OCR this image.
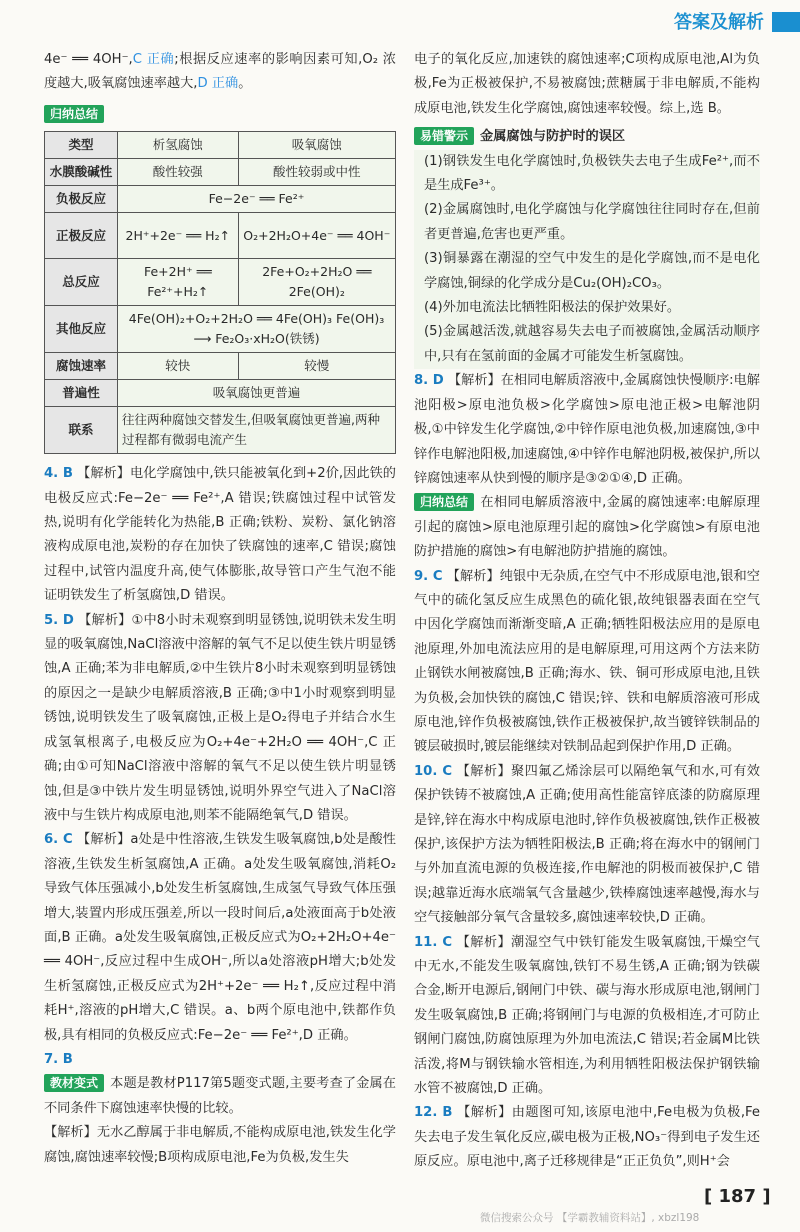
答案及解析

4e⁻ ══ 4OH⁻,C 正确;根据反应速率的影响因素可知,O₂ 浓度越大,吸氧腐蚀速率越大,D 正确。

归纳总结
类型	析氢腐蚀	吸氧腐蚀
水膜酸碱性	酸性较强	酸性较弱或中性
负极反应	Fe−2e⁻ ══ Fe²⁺	
正极反应	2H⁺+2e⁻ ══ H₂↑	O₂+2H₂O+4e⁻ ══ 4OH⁻
总反应	Fe+2H⁺ ══ Fe²⁺+H₂↑	2Fe+O₂+2H₂O ══ 2Fe(OH)₂
其他反应	4Fe(OH)₂+O₂+2H₂O ══ 4Fe(OH)₃ Fe(OH)₃ ⟶ Fe₂O₃·xH₂O(铁锈)	
腐蚀速率	较快	较慢
普遍性	吸氧腐蚀更普遍	
联系	往往两种腐蚀交替发生,但吸氧腐蚀更普遍,两种过程都有微弱电流产生	

4. B 【解析】电化学腐蚀中,铁只能被氧化到+2价,因此铁的电极反应式:Fe−2e⁻ ══ Fe²⁺,A 错误;铁腐蚀过程中试管发热,说明有化学能转化为热能,B 正确;铁粉、炭粉、氯化钠溶液构成原电池,炭粉的存在加快了铁腐蚀的速率,C 错误;腐蚀过程中,试管内温度升高,使气体膨胀,故导管口产生气泡不能证明铁发生了析氢腐蚀,D 错误。

5. D 【解析】①中8小时未观察到明显锈蚀,说明铁未发生明显的吸氧腐蚀,NaCl溶液中溶解的氧气不足以使生铁片明显锈蚀,A 正确;苯为非电解质,②中生铁片8小时未观察到明显锈蚀的原因之一是缺少电解质溶液,B 正确;③中1小时观察到明显锈蚀,说明铁发生了吸氧腐蚀,正极上是O₂得电子并结合水生成氢氧根离子,电极反应为O₂+4e⁻+2H₂O ══ 4OH⁻,C 正确;由①可知NaCl溶液中溶解的氧气不足以使生铁片明显锈蚀,但是③中铁片发生明显锈蚀,说明外界空气进入了NaCl溶液中与生铁片构成原电池,则苯不能隔绝氧气,D 错误。

6. C 【解析】a处是中性溶液,生铁发生吸氧腐蚀,b处是酸性溶液,生铁发生析氢腐蚀,A 正确。a处发生吸氧腐蚀,消耗O₂导致气体压强减小,b处发生析氢腐蚀,生成氢气导致气体压强增大,装置内形成压强差,所以一段时间后,a处液面高于b处液面,B 正确。a处发生吸氧腐蚀,正极反应式为O₂+2H₂O+4e⁻ ══ 4OH⁻,反应过程中生成OH⁻,所以a处溶液pH增大;b处发生析氢腐蚀,正极反应式为2H⁺+2e⁻ ══ H₂↑,反应过程中消耗H⁺,溶液的pH增大,C 错误。a、b两个原电池中,铁都作负极,具有相同的负极反应式:Fe−2e⁻ ══ Fe²⁺,D 正确。

7. B

教材变式 本题是教材P117第5题变式题,主要考查了金属在不同条件下腐蚀速率快慢的比较。

【解析】无水乙醇属于非电解质,不能构成原电池,铁发生化学腐蚀,腐蚀速率较慢;B项构成原电池,Fe为负极,发生失

电子的氧化反应,加速铁的腐蚀速率;C项构成原电池,Al为负极,Fe为正极被保护,不易被腐蚀;蔗糖属于非电解质,不能构成原电池,铁发生化学腐蚀,腐蚀速率较慢。综上,选 B。

易错警示 金属腐蚀与防护时的误区

(1)钢铁发生电化学腐蚀时,负极铁失去电子生成Fe²⁺,而不是生成Fe³⁺。

(2)金属腐蚀时,电化学腐蚀与化学腐蚀往往同时存在,但前者更普遍,危害也更严重。

(3)铜暴露在潮湿的空气中发生的是化学腐蚀,而不是电化学腐蚀,铜绿的化学成分是Cu₂(OH)₂CO₃。

(4)外加电流法比牺牲阳极法的保护效果好。

(5)金属越活泼,就越容易失去电子而被腐蚀,金属活动顺序中,只有在氢前面的金属才可能发生析氢腐蚀。

8. D 【解析】在相同电解质溶液中,金属腐蚀快慢顺序:电解池阳极>原电池负极>化学腐蚀>原电池正极>电解池阴极,①中锌发生化学腐蚀,②中锌作原电池负极,加速腐蚀,③中锌作电解池阳极,加速腐蚀,④中锌作电解池阴极,被保护,所以锌腐蚀速率从快到慢的顺序是③②①④,D 正确。

归纳总结 在相同电解质溶液中,金属的腐蚀速率:电解原理引起的腐蚀>原电池原理引起的腐蚀>化学腐蚀>有原电池防护措施的腐蚀>有电解池防护措施的腐蚀。

9. C 【解析】纯银中无杂质,在空气中不形成原电池,银和空气中的硫化氢反应生成黑色的硫化银,故纯银器表面在空气中因化学腐蚀而渐渐变暗,A 正确;牺牲阳极法应用的是原电池原理,外加电流法应用的是电解原理,可用这两个方法来防止钢铁水闸被腐蚀,B 正确;海水、铁、铜可形成原电池,且铁为负极,会加快铁的腐蚀,C 错误;锌、铁和电解质溶液可形成原电池,锌作负极被腐蚀,铁作正极被保护,故当镀锌铁制品的镀层破损时,镀层能继续对铁制品起到保护作用,D 正确。

10. C 【解析】聚四氟乙烯涂层可以隔绝氧气和水,可有效保护铁铸不被腐蚀,A 正确;使用高性能富锌底漆的防腐原理是锌,锌在海水中构成原电池时,锌作负极被腐蚀,铁作正极被保护,该保护方法为牺牲阳极法,B 正确;将在海水中的钢闸门与外加直流电源的负极连接,作电解池的阴极而被保护,C 错误;越靠近海水底端氧气含量越少,铁棒腐蚀速率越慢,海水与空气接触部分氧气含量较多,腐蚀速率较快,D 正确。

11. C 【解析】潮湿空气中铁钉能发生吸氧腐蚀,干燥空气中无水,不能发生吸氧腐蚀,铁钉不易生锈,A 正确;钢为铁碳合金,断开电源后,钢闸门中铁、碳与海水形成原电池,钢闸门发生吸氧腐蚀,B 正确;将钢闸门与电源的负极相连,才可防止钢闸门腐蚀,防腐蚀原理为外加电流法,C 错误;若金属M比铁活泼,将M与钢铁输水管相连,为利用牺牲阳极法保护钢铁输水管不被腐蚀,D 正确。

12. B 【解析】由题图可知,该原电池中,Fe电极为负极,Fe失去电子发生氧化反应,碳电极为正极,NO₃⁻得到电子发生还原反应。原电池中,离子迁移规律是“正正负负”,则H⁺会

[ 187 ]
微信搜索公众号 【学霸教辅资料站】, xbzl198
